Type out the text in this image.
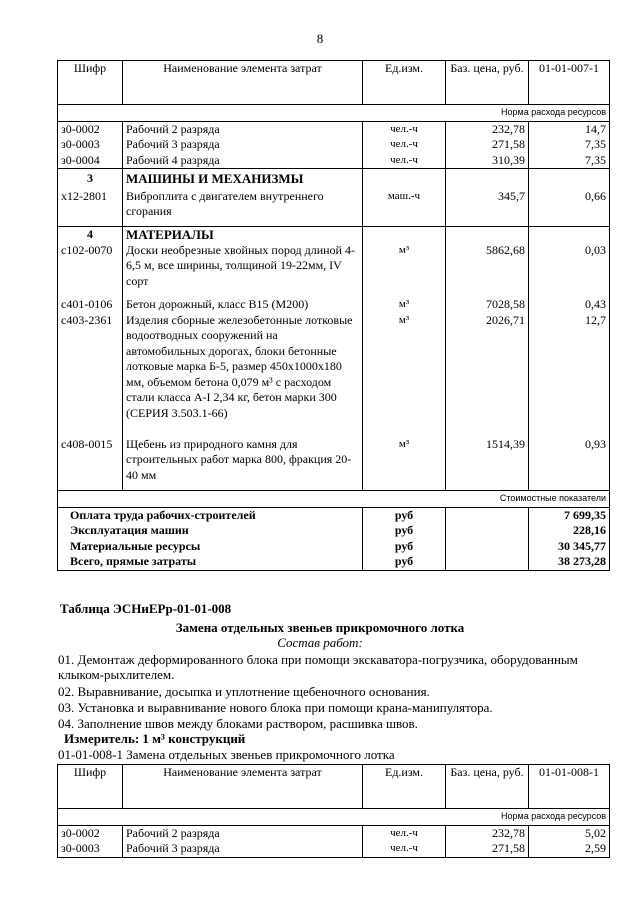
8
Шифр	Наименование элемента затрат	Ед.изм.	Баз. цена, руб.	01-01-007-1
Норма расхода ресурсов				
з0-0002	Рабочий 2 разряда	чел.-ч	232,78	14,7
з0-0003	Рабочий 3 разряда	чел.-ч	271,58	7,35
з0-0004	Рабочий 4 разряда	чел.-ч	310,39	7,35
3	МАШИНЫ И МЕХАНИЗМЫ			
х12-2801	Виброплита с двигателем внутреннего сгорания	маш.-ч	345,7	0,66
4	МАТЕРИАЛЫ			
с102-0070	Доски необрезные хвойных пород длиной 4-6,5 м, все ширины, толщиной 19-22мм, IV сорт	м³	5862,68	0,03
с401-0106	Бетон дорожный, класс B15 (М200)	м³	7028,58	0,43
с403-2361	Изделия сборные железобетонные лотковые водоотводных сооружений на автомобильных дорогах, блоки бетонные лотковые марка Б-5, размер 450x1000x180 мм, объемом бетона 0,079 м³ с расходом стали класса А-I 2,34 кг, бетон марки 300 (СЕРИЯ 3.503.1-66)	м³	2026,71	12,7
с408-0015	Щебень из природного камня для строительных работ марка 800, фракция 20-40 мм	м³	1514,39	0,93
Стоимостные показатели				
Оплата труда рабочих-строителей		руб		7 699,35
Эксплуатация машин		руб		228,16
Материальные ресурсы		руб		30 345,77
Всего, прямые затраты		руб		38 273,28
Таблица ЭСНиЕРр-01-01-008
Замена отдельных звеньев прикромочного лотка
Состав работ:
01. Демонтаж деформированного блока при помощи экскаватора-погрузчика, оборудованным
клыком-рыхлителем.
02. Выравнивание, досыпка и уплотнение щебеночного основания.
03. Установка и выравнивание нового блока при помощи крана-манипулятора.
04. Заполнение швов между блоками раствором, расшивка швов.
Измеритель: 1 м³ конструкций
01-01-008-1 Замена отдельных звеньев прикромочного лотка
Шифр	Наименование элемента затрат	Ед.изм.	Баз. цена, руб.	01-01-008-1
Норма расхода ресурсов				
з0-0002	Рабочий 2 разряда	чел.-ч	232,78	5,02
з0-0003	Рабочий 3 разряда	чел.-ч	271,58	2,59
